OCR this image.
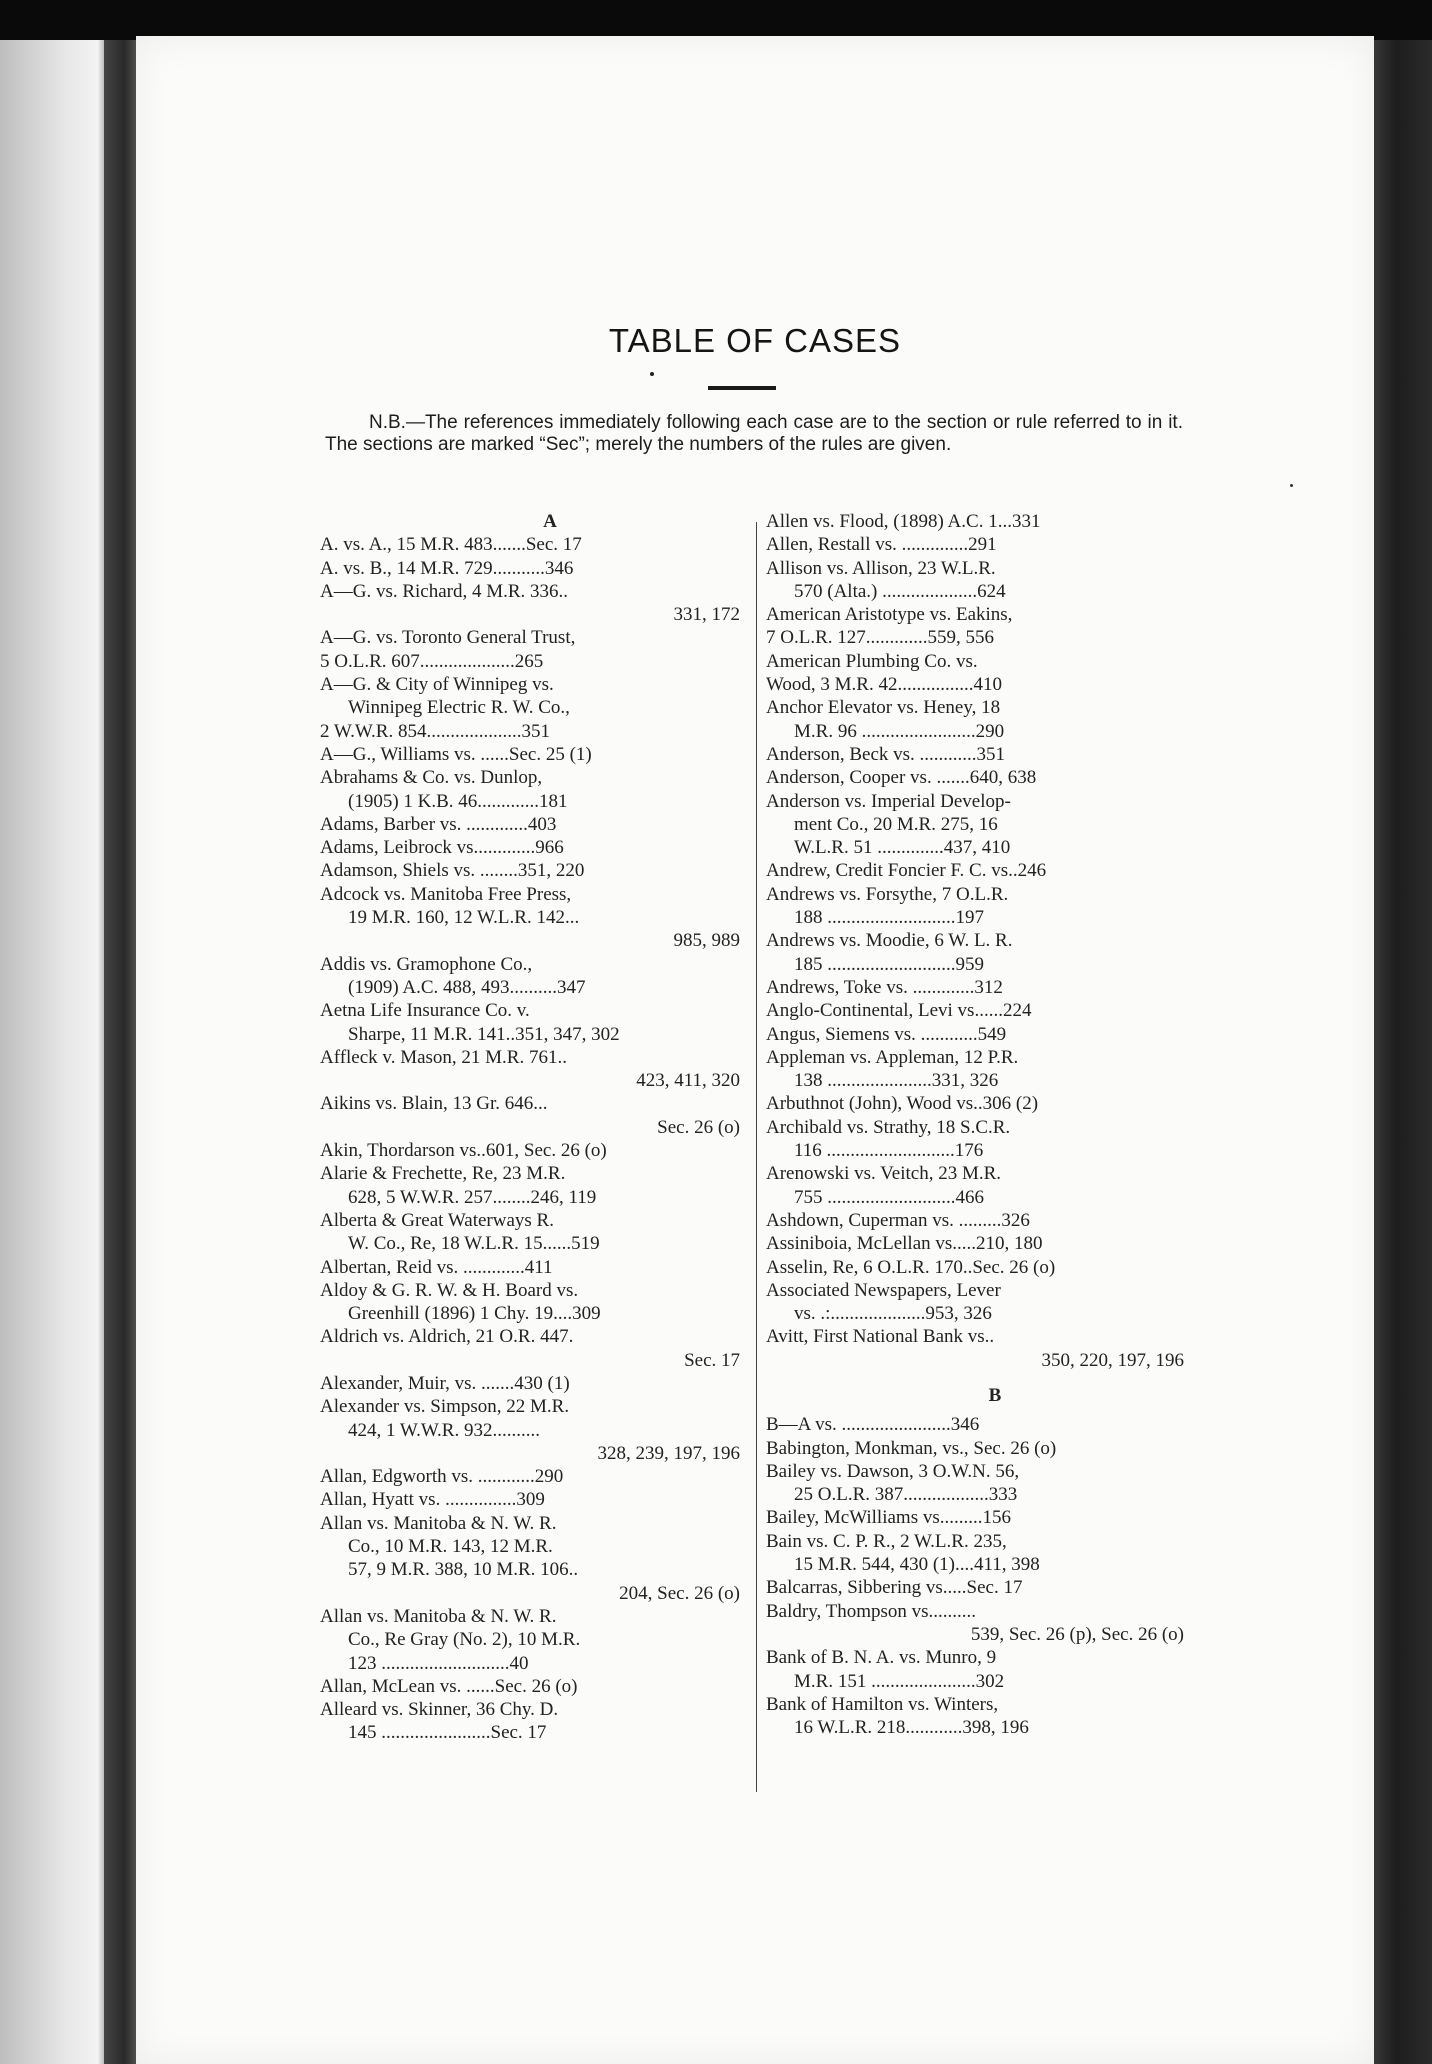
TABLE OF CASES

N.B.—The references immediately following each case are to the section or rule referred to in it. The sections are marked “Sec”; merely the numbers of the rules are given.

A
A. vs. A., 15 M.R. 483.......Sec. 17
A. vs. B., 14 M.R. 729...........346
A—G. vs. Richard, 4 M.R. 336..
331, 172
A—G. vs. Toronto General Trust,
5 O.L.R. 607....................265
A—G. & City of Winnipeg vs.
Winnipeg Electric R. W. Co.,
2 W.W.R. 854....................351
A—G., Williams vs. ......Sec. 25 (1)
Abrahams & Co. vs. Dunlop,
(1905) 1 K.B. 46.............181
Adams, Barber vs. .............403
Adams, Leibrock vs.............966
Adamson, Shiels vs. ........351, 220
Adcock vs. Manitoba Free Press,
19 M.R. 160, 12 W.L.R. 142...
985, 989
Addis vs. Gramophone Co.,
(1909) A.C. 488, 493..........347
Aetna Life Insurance Co. v.
Sharpe, 11 M.R. 141..351, 347, 302
Affleck v. Mason, 21 M.R. 761..
423, 411, 320
Aikins vs. Blain, 13 Gr. 646...
Sec. 26 (o)
Akin, Thordarson vs..601, Sec. 26 (o)
Alarie & Frechette, Re, 23 M.R.
628, 5 W.W.R. 257........246, 119
Alberta & Great Waterways R.
W. Co., Re, 18 W.L.R. 15......519
Albertan, Reid vs. .............411
Aldoy & G. R. W. & H. Board vs.
Greenhill (1896) 1 Chy. 19....309
Aldrich vs. Aldrich, 21 O.R. 447.
Sec. 17
Alexander, Muir, vs. .......430 (1)
Alexander vs. Simpson, 22 M.R.
424, 1 W.W.R. 932..........
328, 239, 197, 196
Allan, Edgworth vs. ............290
Allan, Hyatt vs. ...............309
Allan vs. Manitoba & N. W. R.
Co., 10 M.R. 143, 12 M.R.
57, 9 M.R. 388, 10 M.R. 106..
204, Sec. 26 (o)
Allan vs. Manitoba & N. W. R.
Co., Re Gray (No. 2), 10 M.R.
123 ...........................40
Allan, McLean vs. ......Sec. 26 (o)
Alleard vs. Skinner, 36 Chy. D.
145 .......................Sec. 17
Allen vs. Flood, (1898) A.C. 1...331
Allen, Restall vs. ..............291
Allison vs. Allison, 23 W.L.R.
570 (Alta.) ....................624
American Aristotype vs. Eakins,
7 O.L.R. 127.............559, 556
American Plumbing Co. vs.
Wood, 3 M.R. 42................410
Anchor Elevator vs. Heney, 18
M.R. 96 ........................290
Anderson, Beck vs. ............351
Anderson, Cooper vs. .......640, 638
Anderson vs. Imperial Develop-
ment Co., 20 M.R. 275, 16
W.L.R. 51 ..............437, 410
Andrew, Credit Foncier F. C. vs..246
Andrews vs. Forsythe, 7 O.L.R.
188 ...........................197
Andrews vs. Moodie, 6 W. L. R.
185 ...........................959
Andrews, Toke vs. .............312
Anglo-Continental, Levi vs......224
Angus, Siemens vs. ............549
Appleman vs. Appleman, 12 P.R.
138 ......................331, 326
Arbuthnot (John), Wood vs..306 (2)
Archibald vs. Strathy, 18 S.C.R.
116 ...........................176
Arenowski vs. Veitch, 23 M.R.
755 ...........................466
Ashdown, Cuperman vs. .........326
Assiniboia, McLellan vs.....210, 180
Asselin, Re, 6 O.L.R. 170..Sec. 26 (o)
Associated Newspapers, Lever
vs. .:....................953, 326
Avitt, First National Bank vs..
350, 220, 197, 196
B
B—A vs. .......................346
Babington, Monkman, vs., Sec. 26 (o)
Bailey vs. Dawson, 3 O.W.N. 56,
25 O.L.R. 387..................333
Bailey, McWilliams vs.........156
Bain vs. C. P. R., 2 W.L.R. 235,
15 M.R. 544, 430 (1)....411, 398
Balcarras, Sibbering vs.....Sec. 17
Baldry, Thompson vs..........
539, Sec. 26 (p), Sec. 26 (o)
Bank of B. N. A. vs. Munro, 9
M.R. 151 ......................302
Bank of Hamilton vs. Winters,
16 W.L.R. 218............398, 196
